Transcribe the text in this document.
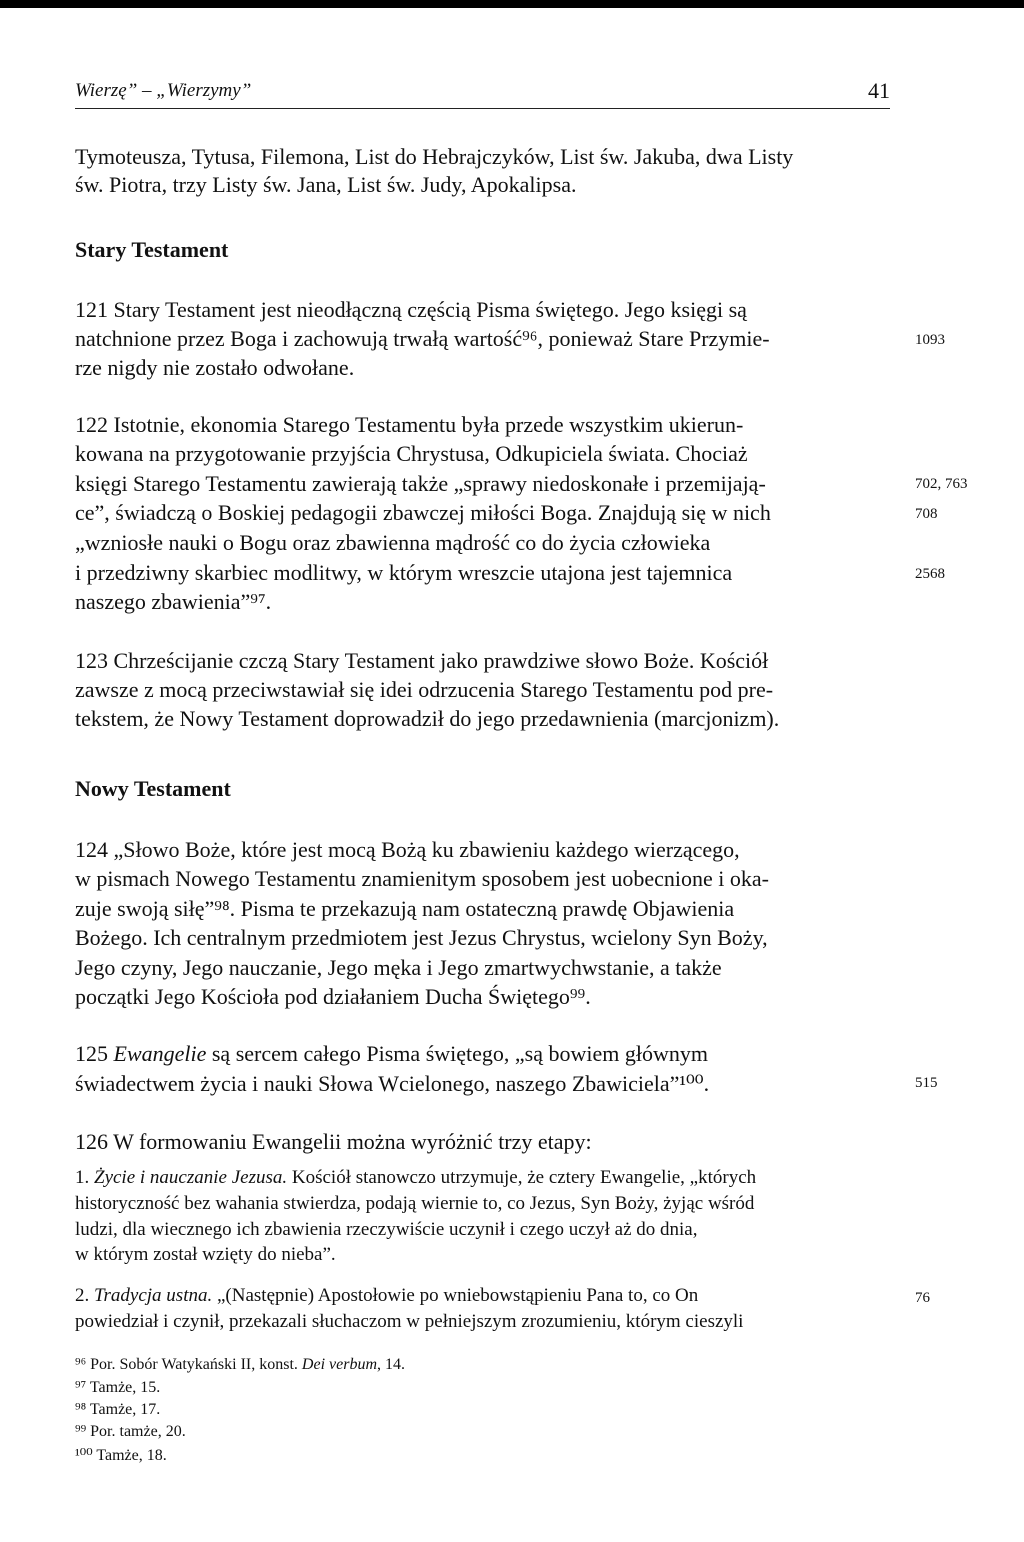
Wierzę” – „Wierzymy”	41
Tymoteusza, Tytusa, Filemona, List do Hebrajczyków, List św. Jakuba, dwa Listy
św. Piotra, trzy Listy św. Jana, List św. Judy, Apokalipsa.
Stary Testament
121 Stary Testament jest nieodłączną częścią Pisma świętego. Jego księgi są
natchnione przez Boga i zachowują trwałą wartość⁹⁶, ponieważ Stare Przymie-
rze nigdy nie zostało odwołane.
122 Istotnie, ekonomia Starego Testamentu była przede wszystkim ukierun-
kowana na przygotowanie przyjścia Chrystusa, Odkupiciela świata. Chociaż
księgi Starego Testamentu zawierają także „sprawy niedoskonałe i przemijają-
ce”, świadczą o Boskiej pedagogii zbawczej miłości Boga. Znajdują się w nich
„wzniosłe nauki o Bogu oraz zbawienna mądrość co do życia człowieka
i przedziwny skarbiec modlitwy, w którym wreszcie utajona jest tajemnica
naszego zbawienia”⁹⁷.
123 Chrześcijanie czczą Stary Testament jako prawdziwe słowo Boże. Kościół
zawsze z mocą przeciwstawiał się idei odrzucenia Starego Testamentu pod pre-
tekstem, że Nowy Testament doprowadził do jego przedawnienia (marcjonizm).
Nowy Testament
124 „Słowo Boże, które jest mocą Bożą ku zbawieniu każdego wierzącego,
w pismach Nowego Testamentu znamienitym sposobem jest uobecnione i oka-
zuje swoją siłę”⁹⁸. Pisma te przekazują nam ostateczną prawdę Objawienia
Bożego. Ich centralnym przedmiotem jest Jezus Chrystus, wcielony Syn Boży,
Jego czyny, Jego nauczanie, Jego męka i Jego zmartwychwstanie, a także
początki Jego Kościoła pod działaniem Ducha Świętego⁹⁹.
125 Ewangelie są sercem całego Pisma świętego, „są bowiem głównym
świadectwem życia i nauki Słowa Wcielonego, naszego Zbawiciela”¹⁰⁰.
126 W formowaniu Ewangelii można wyróżnić trzy etapy:
1. Życie i nauczanie Jezusa. Kościół stanowczo utrzymuje, że cztery Ewangelie, „których
historyczność bez wahania stwierdza, podają wiernie to, co Jezus, Syn Boży, żyjąc wśród
ludzi, dla wiecznego ich zbawienia rzeczywiście uczynił i czego uczył aż do dnia,
w którym został wzięty do nieba”.
2. Tradycja ustna. „(Następnie) Apostołowie po wniebowstąpieniu Pana to, co On
powiedział i czynił, przekazali słuchaczom w pełniejszym zrozumieniu, którym cieszyli
1093
702, 763
708
2568
515
76
⁹⁶ Por. Sobór Watykański II, konst. Dei verbum, 14.
⁹⁷ Tamże, 15.
⁹⁸ Tamże, 17.
⁹⁹ Por. tamże, 20.
¹⁰⁰ Tamże, 18.
